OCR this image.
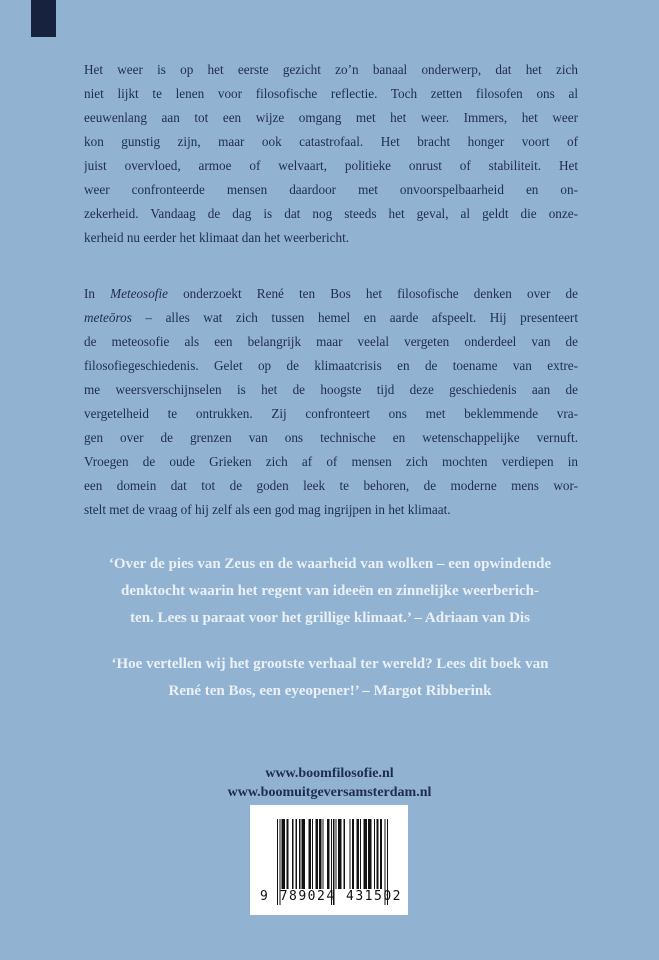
Het weer is op het eerste gezicht zo’n banaal onderwerp, dat het zich
niet lijkt te lenen voor filosofische reflectie. Toch zetten filosofen ons al
eeuwenlang aan tot een wijze omgang met het weer. Immers, het weer
kon gunstig zijn, maar ook catastrofaal. Het bracht honger voort of
juist overvloed, armoe of welvaart, politieke onrust of stabiliteit. Het
weer confronteerde mensen daardoor met onvoorspelbaarheid en on-
zekerheid. Vandaag de dag is dat nog steeds het geval, al geldt die onze-
kerheid nu eerder het klimaat dan het weerbericht.
In Meteosofie onderzoekt René ten Bos het filosofische denken over de
meteōros – alles wat zich tussen hemel en aarde afspeelt. Hij presenteert
de meteosofie als een belangrijk maar veelal vergeten onderdeel van de
filosofiegeschiedenis. Gelet op de klimaatcrisis en de toename van extre-
me weersverschijnselen is het de hoogste tijd deze geschiedenis aan de
vergetelheid te ontrukken. Zij confronteert ons met beklemmende vra-
gen over de grenzen van ons technische en wetenschappelijke vernuft.
Vroegen de oude Grieken zich af of mensen zich mochten verdiepen in
een domein dat tot de goden leek te behoren, de moderne mens wor-
stelt met de vraag of hij zelf als een god mag ingrijpen in het klimaat.
‘Over de pies van Zeus en de waarheid van wolken – een opwindende
denktocht waarin het regent van ideeën en zinnelijke weerberich-
ten. Lees u paraat voor het grillige klimaat.’ – Adriaan van Dis
‘Hoe vertellen wij het grootste verhaal ter wereld? Lees dit boek van
René ten Bos, een eyeopener!’ – Margot Ribberink
www.boomfilosofie.nl
www.boomuitgeversamsterdam.nl
9 789024 431502
